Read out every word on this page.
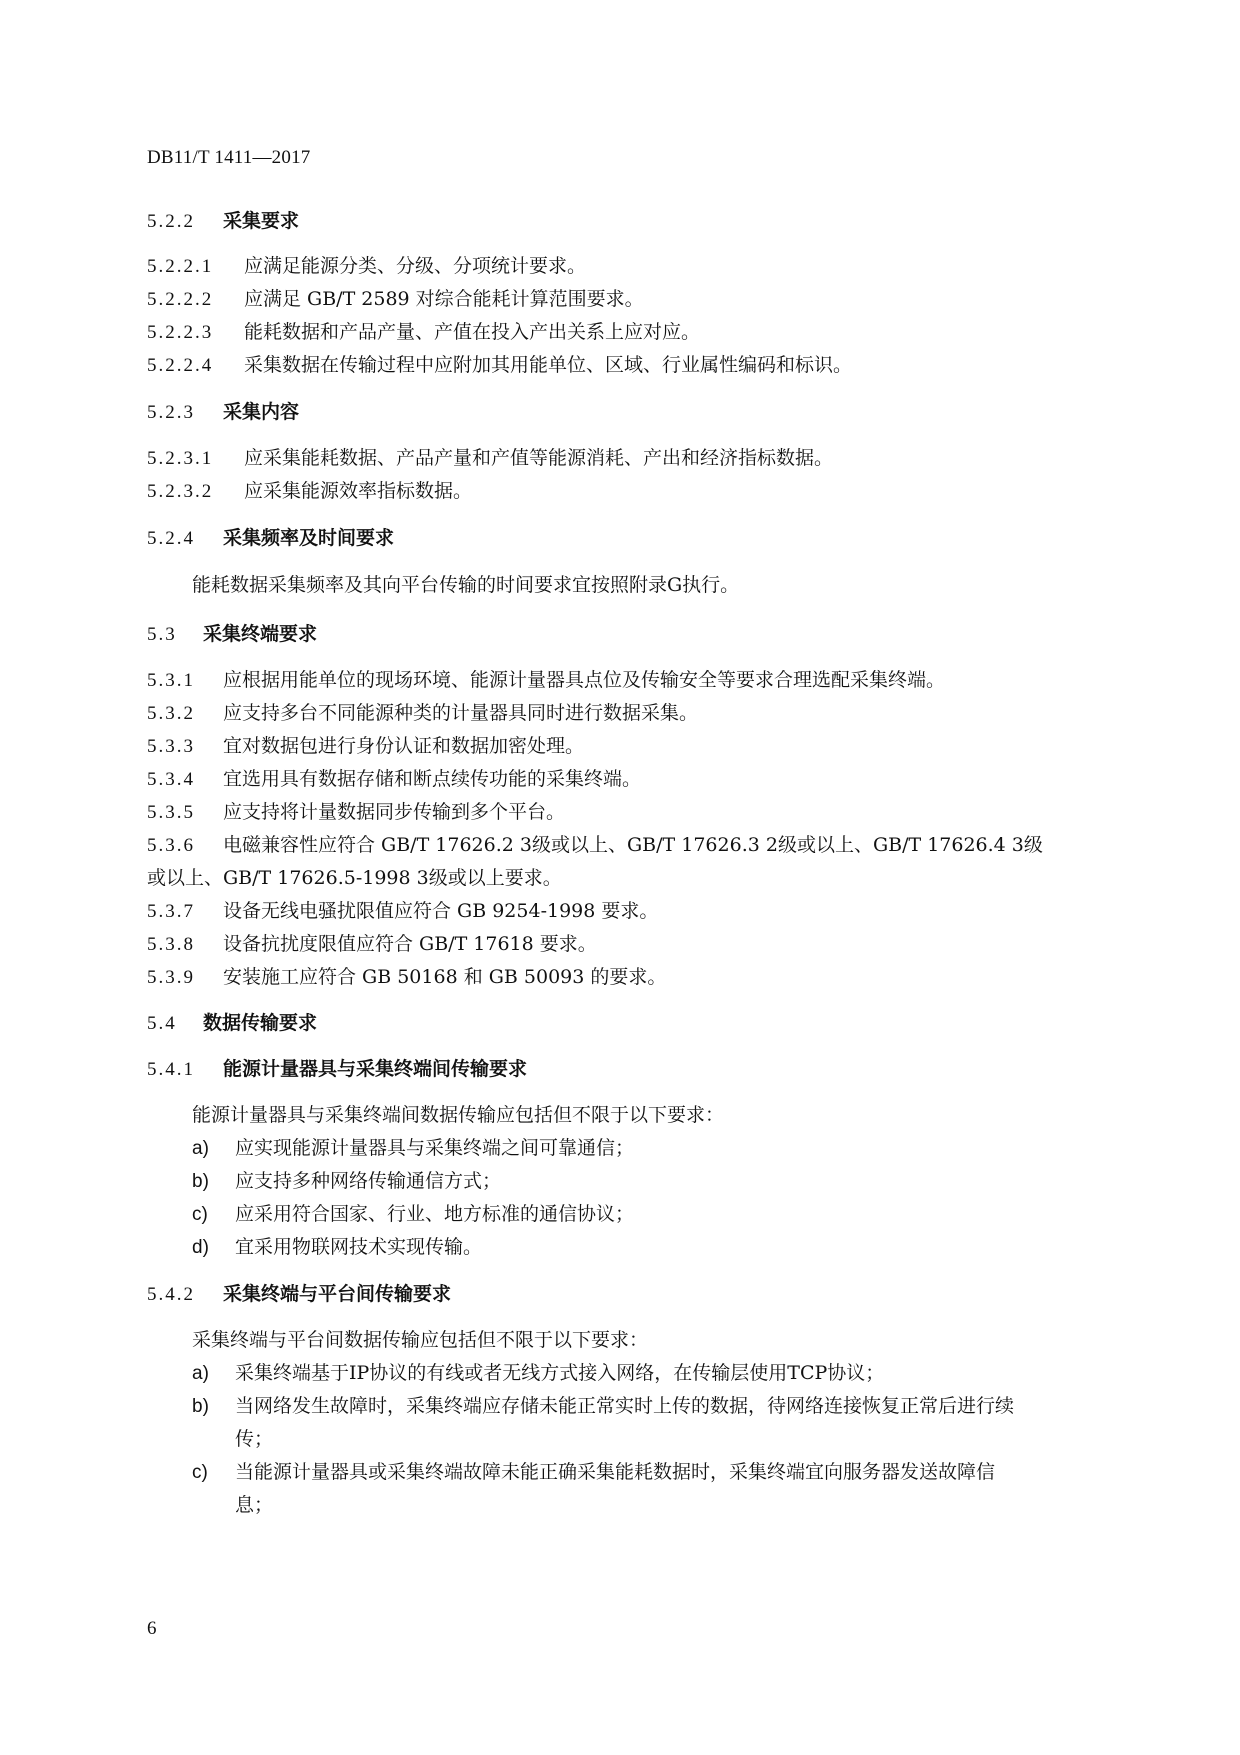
DB11/T 1411—2017
5.2.2 采集要求
5.2.2.1 应满足能源分类、分级、分项统计要求。
5.2.2.2 应满足 GB/T 2589 对综合能耗计算范围要求。
5.2.2.3 能耗数据和产品产量、产值在投入产出关系上应对应。
5.2.2.4 采集数据在传输过程中应附加其用能单位、区域、行业属性编码和标识。
5.2.3 采集内容
5.2.3.1 应采集能耗数据、产品产量和产值等能源消耗、产出和经济指标数据。
5.2.3.2 应采集能源效率指标数据。
5.2.4 采集频率及时间要求
能耗数据采集频率及其向平台传输的时间要求宜按照附录G执行。
5.3 采集终端要求
5.3.1 应根据用能单位的现场环境、能源计量器具点位及传输安全等要求合理选配采集终端。
5.3.2 应支持多台不同能源种类的计量器具同时进行数据采集。
5.3.3 宜对数据包进行身份认证和数据加密处理。
5.3.4 宜选用具有数据存储和断点续传功能的采集终端。
5.3.5 应支持将计量数据同步传输到多个平台。
5.3.6 电磁兼容性应符合 GB/T 17626.2 3级或以上、GB/T 17626.3 2级或以上、GB/T 17626.4 3级
或以上、GB/T 17626.5-1998 3级或以上要求。
5.3.7 设备无线电骚扰限值应符合 GB 9254-1998 要求。
5.3.8 设备抗扰度限值应符合 GB/T 17618 要求。
5.3.9 安装施工应符合 GB 50168 和 GB 50093 的要求。
5.4 数据传输要求
5.4.1 能源计量器具与采集终端间传输要求
能源计量器具与采集终端间数据传输应包括但不限于以下要求：
a) 应实现能源计量器具与采集终端之间可靠通信；
b) 应支持多种网络传输通信方式；
c) 应采用符合国家、行业、地方标准的通信协议；
d) 宜采用物联网技术实现传输。
5.4.2 采集终端与平台间传输要求
采集终端与平台间数据传输应包括但不限于以下要求：
a) 采集终端基于IP协议的有线或者无线方式接入网络，在传输层使用TCP协议；
b) 当网络发生故障时，采集终端应存储未能正常实时上传的数据，待网络连接恢复正常后进行续
传；
c) 当能源计量器具或采集终端故障未能正确采集能耗数据时，采集终端宜向服务器发送故障信
息；
6
